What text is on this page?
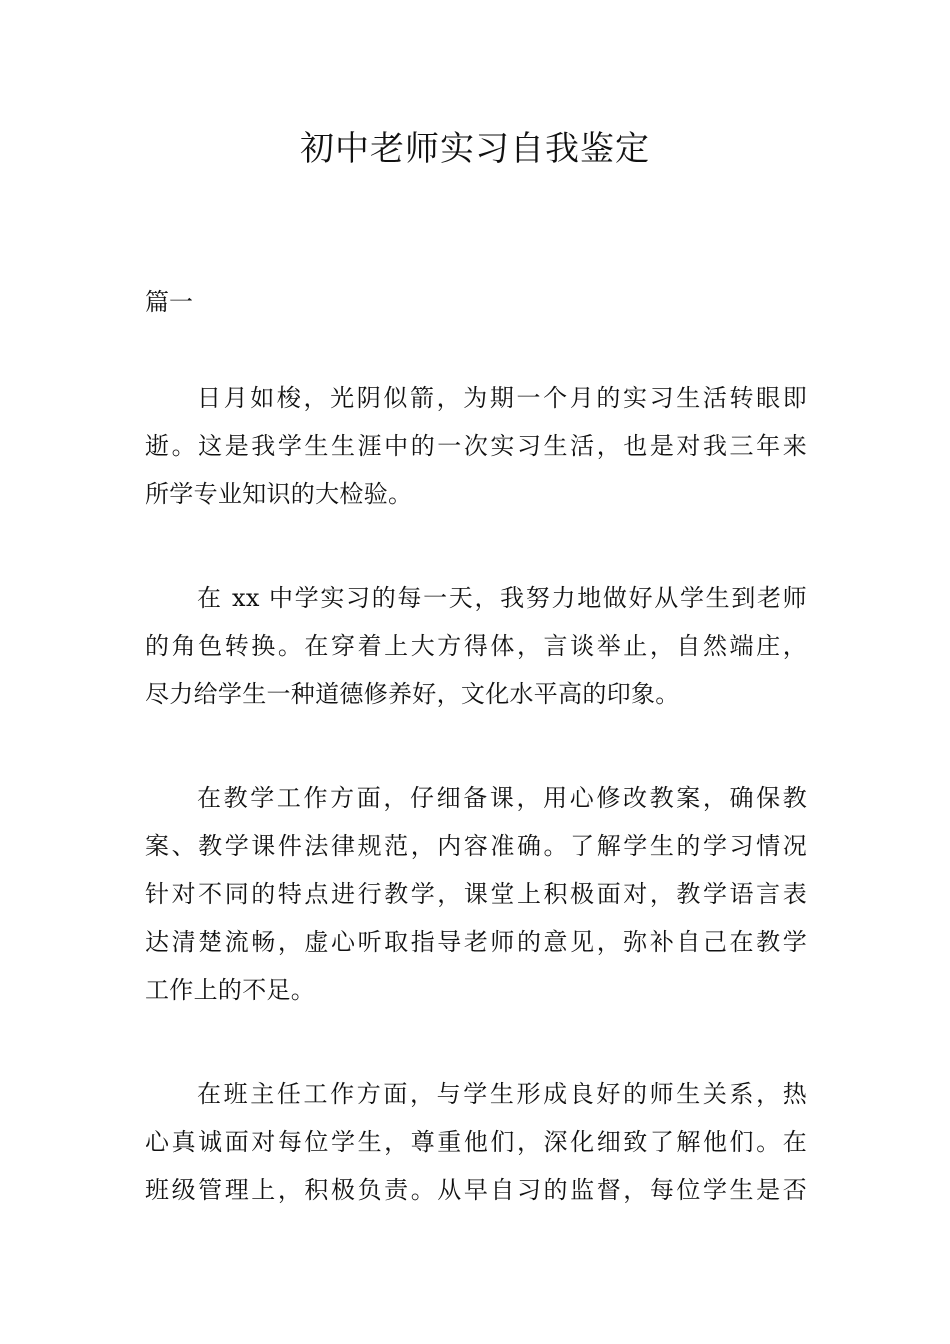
初中老师实习自我鉴定

篇一

日月如梭，光阴似箭，为期一个月的实习生活转眼即
逝。这是我学生生涯中的一次实习生活，也是对我三年来
所学专业知识的大检验。
在 xx 中学实习的每一天，我努力地做好从学生到老师
的角色转换。在穿着上大方得体，言谈举止，自然端庄，
尽力给学生一种道德修养好，文化水平高的印象。
在教学工作方面，仔细备课，用心修改教案，确保教
案、教学课件法律规范，内容准确。了解学生的学习情况
针对不同的特点进行教学，课堂上积极面对，教学语言表
达清楚流畅，虚心听取指导老师的意见，弥补自己在教学
工作上的不足。
在班主任工作方面，与学生形成良好的师生关系，热
心真诚面对每位学生，尊重他们，深化细致了解他们。在
班级管理上，积极负责。从早自习的监督，每位学生是否
